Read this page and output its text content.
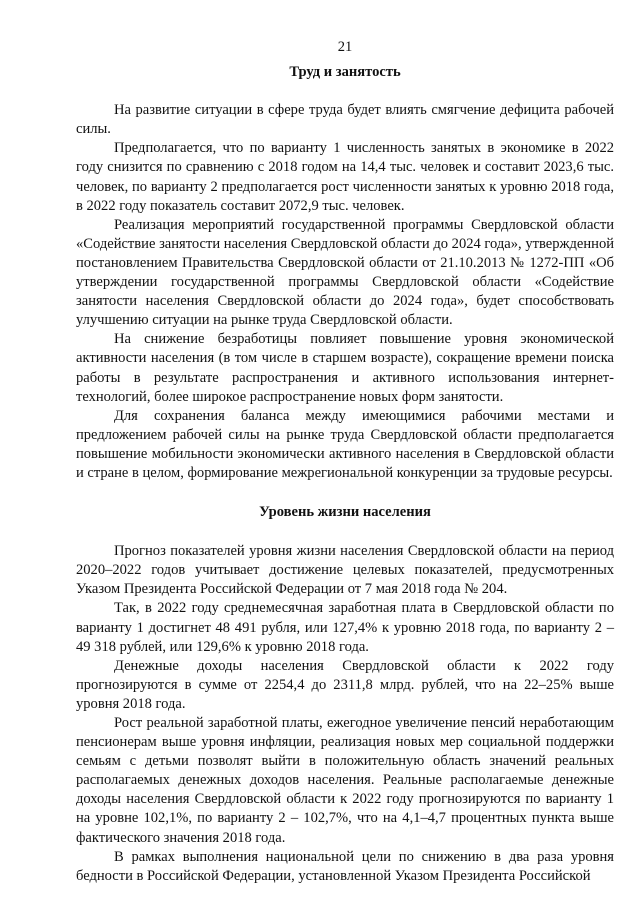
21

Труд и занятость

На развитие ситуации в сфере труда будет влиять смягчение дефицита рабочей силы.

Предполагается, что по варианту 1 численность занятых в экономике в 2022 году снизится по сравнению с 2018 годом на 14,4 тыс. человек и составит 2023,6 тыс. человек, по варианту 2 предполагается рост численности занятых к уровню 2018 года, в 2022 году показатель составит 2072,9 тыс. человек.

Реализация мероприятий государственной программы Свердловской области «Содействие занятости населения Свердловской области до 2024 года», утвержденной постановлением Правительства Свердловской области от 21.10.2013 № 1272-ПП «Об утверждении государственной программы Свердловской области «Содействие занятости населения Свердловской области до 2024 года», будет способствовать улучшению ситуации на рынке труда Свердловской области.

На снижение безработицы повлияет повышение уровня экономической активности населения (в том числе в старшем возрасте), сокращение времени поиска работы в результате распространения и активного использования интернет-технологий, более широкое распространение новых форм занятости.

Для сохранения баланса между имеющимися рабочими местами и предложением рабочей силы на рынке труда Свердловской области предполагается повышение мобильности экономически активного населения в Свердловской области и стране в целом, формирование межрегиональной конкуренции за трудовые ресурсы.

Уровень жизни населения

Прогноз показателей уровня жизни населения Свердловской области на период 2020–2022 годов учитывает достижение целевых показателей, предусмотренных Указом Президента Российской Федерации от 7 мая 2018 года № 204.

Так, в 2022 году среднемесячная заработная плата в Свердловской области по варианту 1 достигнет 48 491 рубля, или 127,4% к уровню 2018 года, по варианту 2 – 49 318 рублей, или 129,6% к уровню 2018 года.

Денежные доходы населения Свердловской области к 2022 году прогнозируются в сумме от 2254,4 до 2311,8 млрд. рублей, что на 22–25% выше уровня 2018 года.

Рост реальной заработной платы, ежегодное увеличение пенсий неработающим пенсионерам выше уровня инфляции, реализация новых мер социальной поддержки семьям с детьми позволят выйти в положительную область значений реальных располагаемых денежных доходов населения. Реальные располагаемые денежные доходы населения Свердловской области к 2022 году прогнозируются по варианту 1 на уровне 102,1%, по варианту 2 – 102,7%, что на 4,1–4,7 процентных пункта выше фактического значения 2018 года.

В рамках выполнения национальной цели по снижению в два раза уровня бедности в Российской Федерации, установленной Указом Президента Российской
